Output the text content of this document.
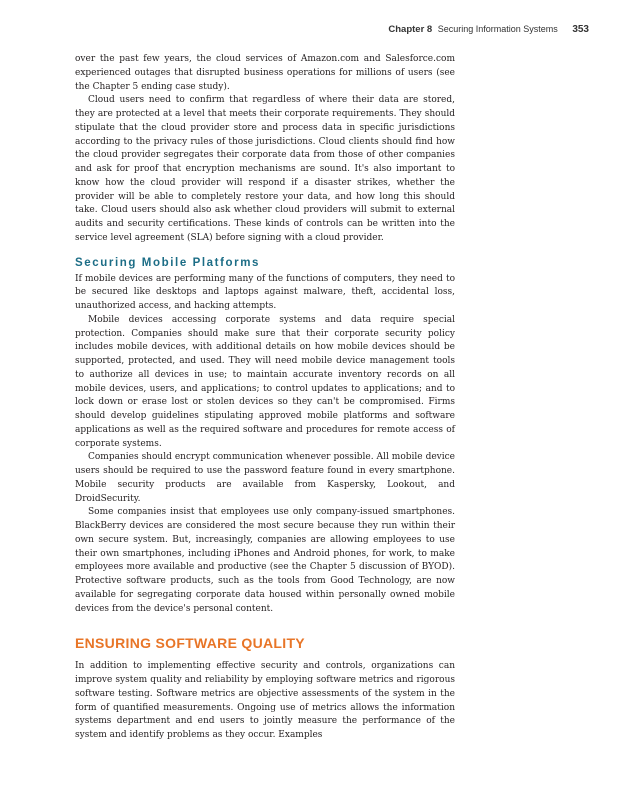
Chapter 8 Securing Information Systems 353

over the past few years, the cloud services of Amazon.com and Salesforce.com experienced outages that disrupted business operations for millions of users (see the Chapter 5 ending case study).

Cloud users need to confirm that regardless of where their data are stored, they are protected at a level that meets their corporate requirements. They should stipulate that the cloud provider store and process data in specific jurisdictions according to the privacy rules of those jurisdictions. Cloud clients should find how the cloud provider segregates their corporate data from those of other companies and ask for proof that encryption mechanisms are sound. It's also important to know how the cloud provider will respond if a disaster strikes, whether the provider will be able to completely restore your data, and how long this should take. Cloud users should also ask whether cloud providers will submit to external audits and security certifications. These kinds of controls can be written into the service level agreement (SLA) before signing with a cloud provider.

Securing Mobile Platforms

If mobile devices are performing many of the functions of computers, they need to be secured like desktops and laptops against malware, theft, accidental loss, unauthorized access, and hacking attempts.

Mobile devices accessing corporate systems and data require special protection. Companies should make sure that their corporate security policy includes mobile devices, with additional details on how mobile devices should be supported, protected, and used. They will need mobile device management tools to authorize all devices in use; to maintain accurate inventory records on all mobile devices, users, and applications; to control updates to applications; and to lock down or erase lost or stolen devices so they can't be compromised. Firms should develop guidelines stipulating approved mobile platforms and software applications as well as the required software and procedures for remote access of corporate systems.

Companies should encrypt communication whenever possible. All mobile device users should be required to use the password feature found in every smartphone. Mobile security products are available from Kaspersky, Lookout, and DroidSecurity.

Some companies insist that employees use only company-issued smartphones. BlackBerry devices are considered the most secure because they run within their own secure system. But, increasingly, companies are allowing employees to use their own smartphones, including iPhones and Android phones, for work, to make employees more available and productive (see the Chapter 5 discussion of BYOD). Protective software products, such as the tools from Good Technology, are now available for segregating corporate data housed within personally owned mobile devices from the device's personal content.

ENSURING SOFTWARE QUALITY

In addition to implementing effective security and controls, organizations can improve system quality and reliability by employing software metrics and rigorous software testing. Software metrics are objective assessments of the system in the form of quantified measurements. Ongoing use of metrics allows the information systems department and end users to jointly measure the performance of the system and identify problems as they occur. Examples
